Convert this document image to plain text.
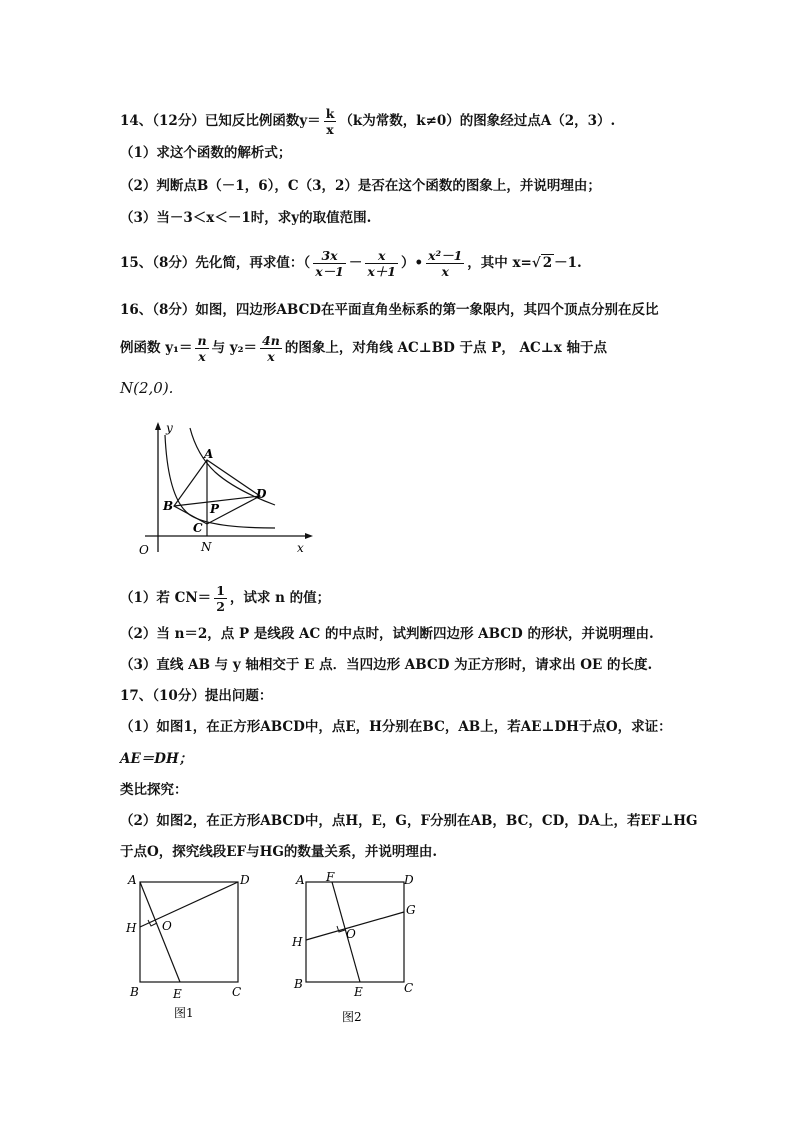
14、（12分）已知反比例函数$y= \frac{k}{x} (k$为常数，k≠0）的图象经过点A（2，3）.
（1）求这个函数的解析式；
（2）判断点B（－1，6），C（3，2）是否在这个函数的图象上，并说明理由；
（3）当－3＜x＜－1时，求y的取值范围.
15、（8分）先化简，再求值：（ $\frac{3x}{x-1} - \frac{x}{x+1}$ ）• $\frac{\text{x²－1}}{x}$ ，其中 x=√ 2 －1.
16、（8分）如图，四边形ABCD在平面直角坐标系的第一象限内，其四个顶点分别在反比
例函数 $y_1= \frac{n}{x}$ 与 $y_2= \frac{4n}{x}$ 的图象上，对角线 AC⊥BD 于点 P， AC⊥x 轴于点
N(2,0).
y
x
O
A
B
C
D
P
N
（1）若 $CN= \frac{1}{2}$ ，试求 n 的值；
（2）当 n＝2，点 P 是线段 AC 的中点时，试判断四边形 ABCD 的形状，并说明理由.
（3）直线 AB 与 y 轴相交于 E 点．当四边形 ABCD 为正方形时，请求出 OE 的长度.
17、（10分）提出问题：
（1）如图1，在正方形ABCD中，点E，H分别在BC，AB上，若AE⊥DH于点O，求证：
AE＝DH；
类比探究：
（2）如图2，在正方形ABCD中，点H，E，G，F分别在AB，BC，CD，DA上，若EF⊥HG
于点O，探究线段EF与HG的数量关系，并说明理由.
A	D
H O
B	E	C
图1
A F	D
G
H
O
B
E	C
图2
